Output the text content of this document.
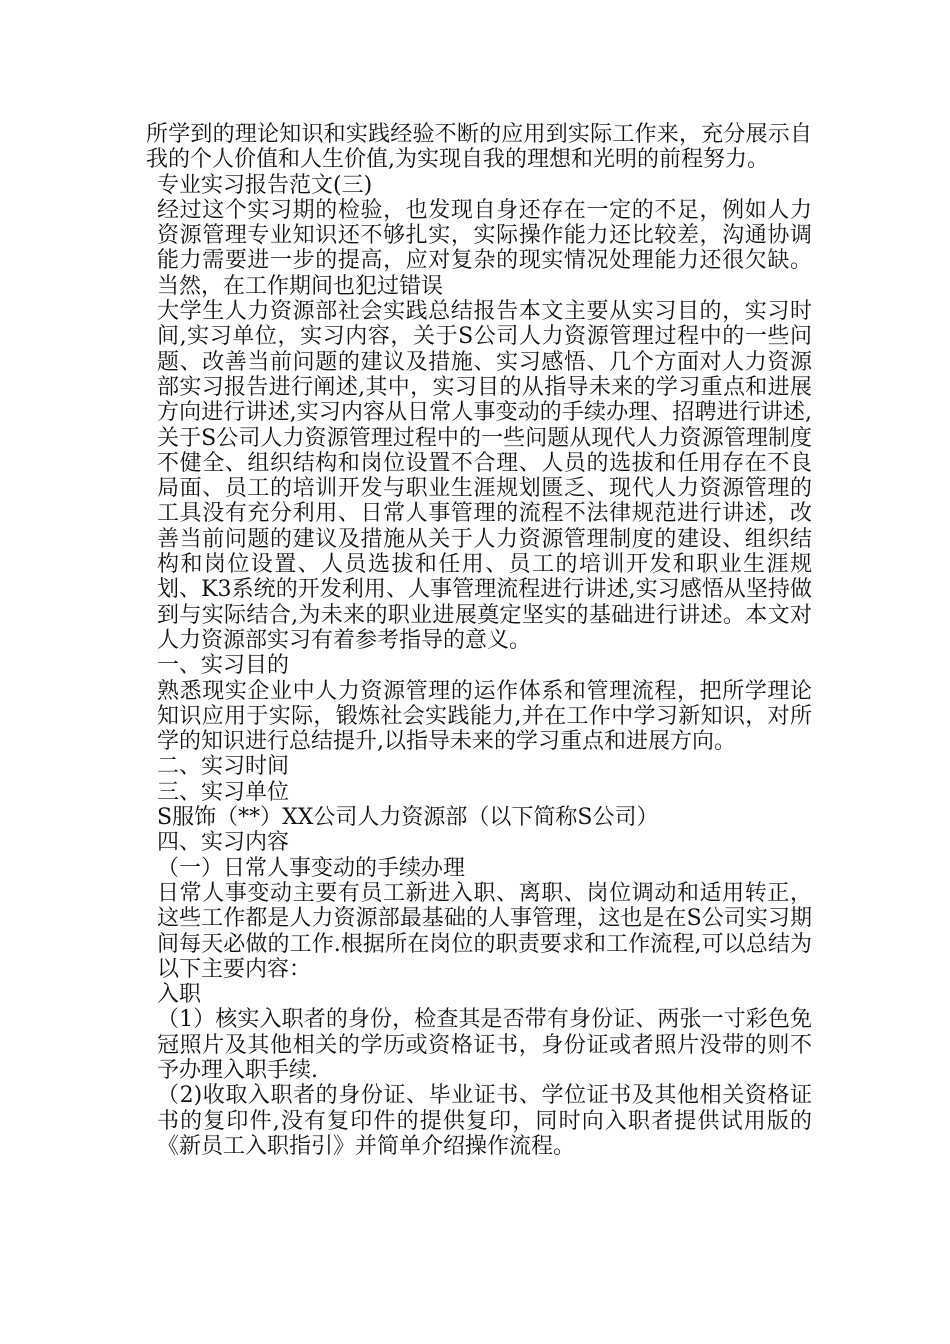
所学到的理论知识和实践经验不断的应用到实际工作来，充分展示自我的个人价值和人生价值,为实现自我的理想和光明的前程努力。

专业实习报告范文(三)

经过这个实习期的检验，也发现自身还存在一定的不足，例如人力资源管理专业知识还不够扎实，实际操作能力还比较差，沟通协调能力需要进一步的提高，应对复杂的现实情况处理能力还很欠缺。当然，在工作期间也犯过错误

大学生人力资源部社会实践总结报告本文主要从实习目的，实习时间,实习单位，实习内容，关于S公司人力资源管理过程中的一些问题、改善当前问题的建议及措施、实习感悟、几个方面对人力资源部实习报告进行阐述,其中，实习目的从指导未来的学习重点和进展方向进行讲述,实习内容从日常人事变动的手续办理、招聘进行讲述,关于S公司人力资源管理过程中的一些问题从现代人力资源管理制度不健全、组织结构和岗位设置不合理、人员的选拔和任用存在不良局面、员工的培训开发与职业生涯规划匮乏、现代人力资源管理的工具没有充分利用、日常人事管理的流程不法律规范进行讲述，改善当前问题的建议及措施从关于人力资源管理制度的建设、组织结构和岗位设置、人员选拔和任用、员工的培训开发和职业生涯规划、K3系统的开发利用、人事管理流程进行讲述,实习感悟从坚持做到与实际结合,为未来的职业进展奠定坚实的基础进行讲述。本文对人力资源部实习有着参考指导的意义。

一、实习目的

熟悉现实企业中人力资源管理的运作体系和管理流程，把所学理论知识应用于实际，锻炼社会实践能力,并在工作中学习新知识，对所学的知识进行总结提升,以指导未来的学习重点和进展方向。

二、实习时间

三、实习单位

S服饰（**）XX公司人力资源部（以下简称S公司）

四、实习内容

（一）日常人事变动的手续办理

日常人事变动主要有员工新进入职、离职、岗位调动和适用转正，这些工作都是人力资源部最基础的人事管理，这也是在S公司实习期间每天必做的工作.根据所在岗位的职责要求和工作流程,可以总结为以下主要内容：

入职

（1）核实入职者的身份，检查其是否带有身份证、两张一寸彩色免冠照片及其他相关的学历或资格证书，身份证或者照片没带的则不予办理入职手续.

（2)收取入职者的身份证、毕业证书、学位证书及其他相关资格证书的复印件,没有复印件的提供复印，同时向入职者提供试用版的《新员工入职指引》并简单介绍操作流程。
